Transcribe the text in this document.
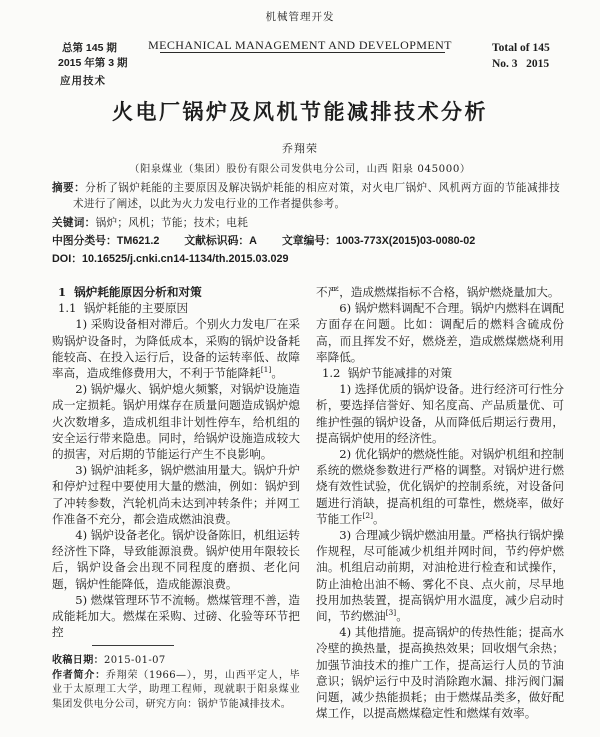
机械管理开发
MECHANICAL MANAGEMENT AND DEVELOPMENT
总第 145 期
2015 年第 3 期
Total of 145
No. 3   2015
应用技术
火电厂锅炉及风机节能减排技术分析
乔翔荣
（阳泉煤业（集团）股份有限公司发供电分公司，山西 阳泉 045000）
摘要：分析了锅炉耗能的主要原因及解决锅炉耗能的相应对策，对火电厂锅炉、风机两方面的节能减排技术进行了阐述，以此为火力发电行业的工作者提供参考。
关键词：锅炉；风机；节能；技术；电耗
中图分类号：TM621.2 文献标识码：A 文章编号：1003-773X(2015)03-0080-02
DOI：10.16525/j.cnki.cn14-1134/th.2015.03.029
1  锅炉耗能原因分析和对策
1.1  锅炉耗能的主要原因

1) 采购设备相对滞后。个别火力发电厂在采购锅炉设备时，为降低成本，采购的锅炉设备耗能较高、在投入运行后，设备的运转率低、故障率高，造成维修费用大，不利于节能降耗[1]。

2) 锅炉爆火、锅炉熄火频繁，对锅炉设施造成一定损耗。锅炉用煤存在质量问题造成锅炉熄火次数增多，造成机组非计划性停车，给机组的安全运行带来隐患。同时，给锅炉设施造成较大的损害，对后期的节能运行产生不良影响。

3) 锅炉油耗多，锅炉燃油用量大。锅炉升炉和停炉过程中要使用大量的燃油，例如：锅炉到了冲转参数，汽轮机尚未达到冲转条件；并网工作准备不充分，都会造成燃油浪费。

4) 锅炉设备老化。锅炉设备陈旧，机组运转经济性下降，导致能源浪费。锅炉使用年限较长后，锅炉设备会出现不同程度的磨损、老化问题，锅炉性能降低，造成能源浪费。

5) 燃煤管理环节不流畅。燃煤管理不善，造成能耗加大。燃煤在采购、过磅、化验等环节把控

收稿日期：2015-01-07
作者简介：乔翔荣（1966—），男，山西平定人，毕业于太原理工大学，助理工程师，现就职于阳泉煤业集团发供电分公司，研究方向：锅炉节能减排技术。

不严，造成燃煤指标不合格，锅炉燃烧量加大。

6) 锅炉燃料调配不合理。锅炉内燃料在调配方面存在问题。比如：调配后的燃料含硫成份高，而且挥发不好，燃烧差，造成燃煤燃烧利用率降低。

1.2  锅炉节能减排的对策

1) 选择优质的锅炉设备。进行经济可行性分析，要选择信誉好、知名度高、产品质量优、可维护性强的锅炉设备，从而降低后期运行费用，提高锅炉使用的经济性。

2) 优化锅炉的燃烧性能。对锅炉机组和控制系统的燃烧参数进行严格的调整。对锅炉进行燃烧有效性试验，优化锅炉的控制系统，对设备问题进行消缺，提高机组的可靠性，燃烧率，做好节能工作[2]。

3) 合理减少锅炉燃油用量。严格执行锅炉操作规程，尽可能减少机组并网时间，节约停炉燃油。机组启动前期，对油枪进行检查和试操作，防止油枪出油不畅、雾化不良、点火前，尽早地投用加热装置，提高锅炉用水温度，减少启动时间，节约燃油[3]。

4) 其他措施。提高锅炉的传热性能；提高水冷壁的换热量，提高换热效果；回收烟气余热；加强节油技术的推广工作，提高运行人员的节油意识；锅炉运行中及时消除跑水漏、排污阀门漏问题，减少热能损耗；由于燃煤品类多，做好配煤工作，以提高燃煤稳定性和燃煤有效率。
